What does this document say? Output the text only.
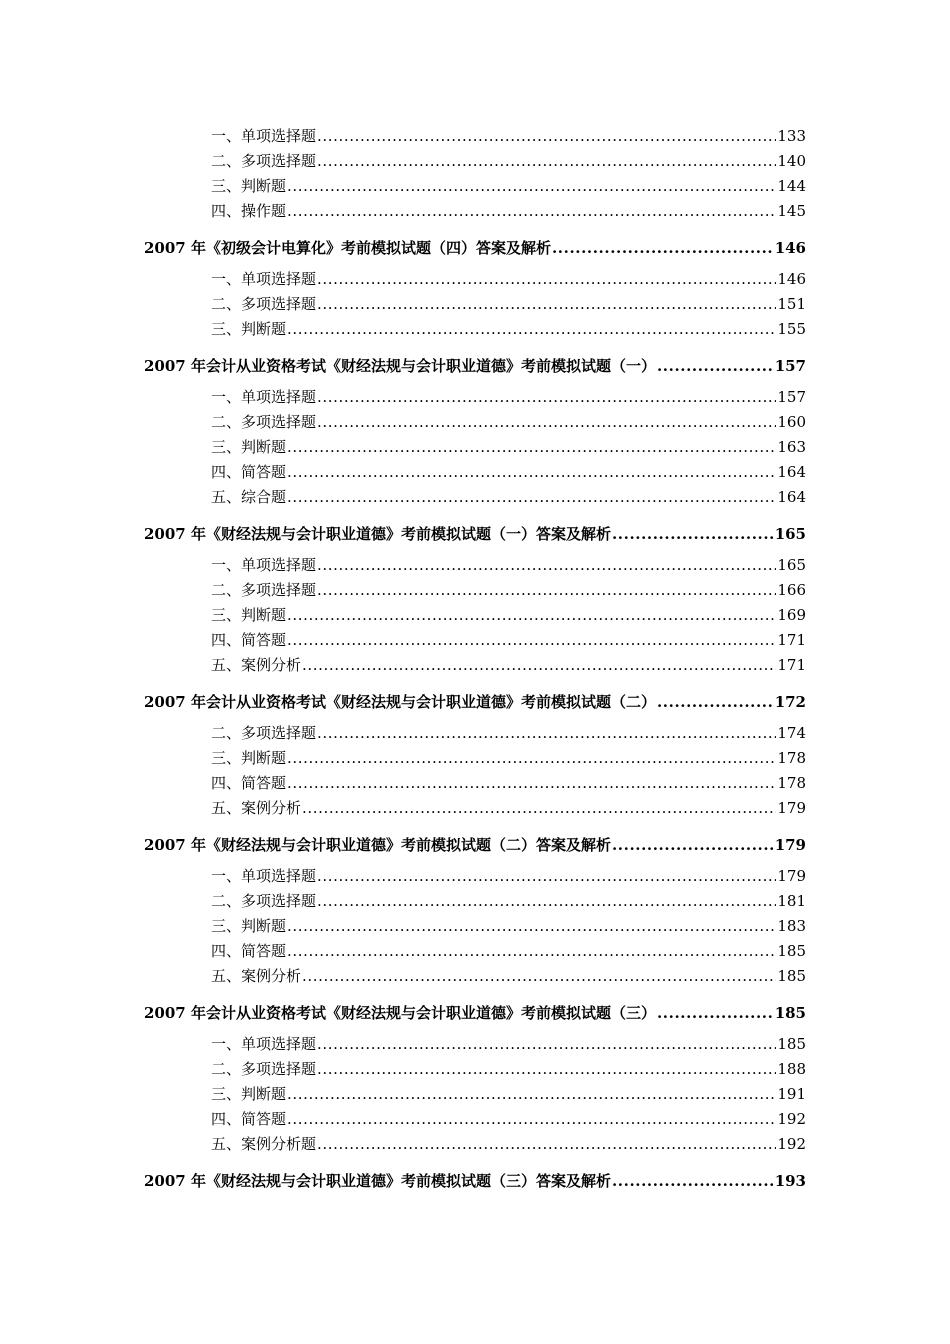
一、单项选择题 .....	133
二、多项选择题 .....	140
三、判断题 .....	144
四、操作题 .....	145
2007 年《初级会计电算化》考前模拟试题（四）答案及解析 .....	146
一、单项选择题 .....	146
二、多项选择题 .....	151
三、判断题 .....	155
2007 年会计从业资格考试《财经法规与会计职业道德》考前模拟试题（一） .....	157
一、单项选择题 .....	157
二、多项选择题 .....	160
三、判断题 .....	163
四、简答题 .....	164
五、综合题 .....	164
2007 年《财经法规与会计职业道德》考前模拟试题（一）答案及解析 .....	165
一、单项选择题 .....	165
二、多项选择题 .....	166
三、判断题 .....	169
四、简答题 .....	171
五、案例分析 .....	171
2007 年会计从业资格考试《财经法规与会计职业道德》考前模拟试题（二） .....	172
二、多项选择题 .....	174
三、判断题 .....	178
四、简答题 .....	178
五、案例分析 .....	179
2007 年《财经法规与会计职业道德》考前模拟试题（二）答案及解析 .....	179
一、单项选择题 .....	179
二、多项选择题 .....	181
三、判断题 .....	183
四、简答题 .....	185
五、案例分析 .....	185
2007 年会计从业资格考试《财经法规与会计职业道德》考前模拟试题（三） .....	185
一、单项选择题 .....	185
二、多项选择题 .....	188
三、判断题 .....	191
四、简答题 .....	192
五、案例分析题 .....	192
2007 年《财经法规与会计职业道德》考前模拟试题（三）答案及解析 .....	193
